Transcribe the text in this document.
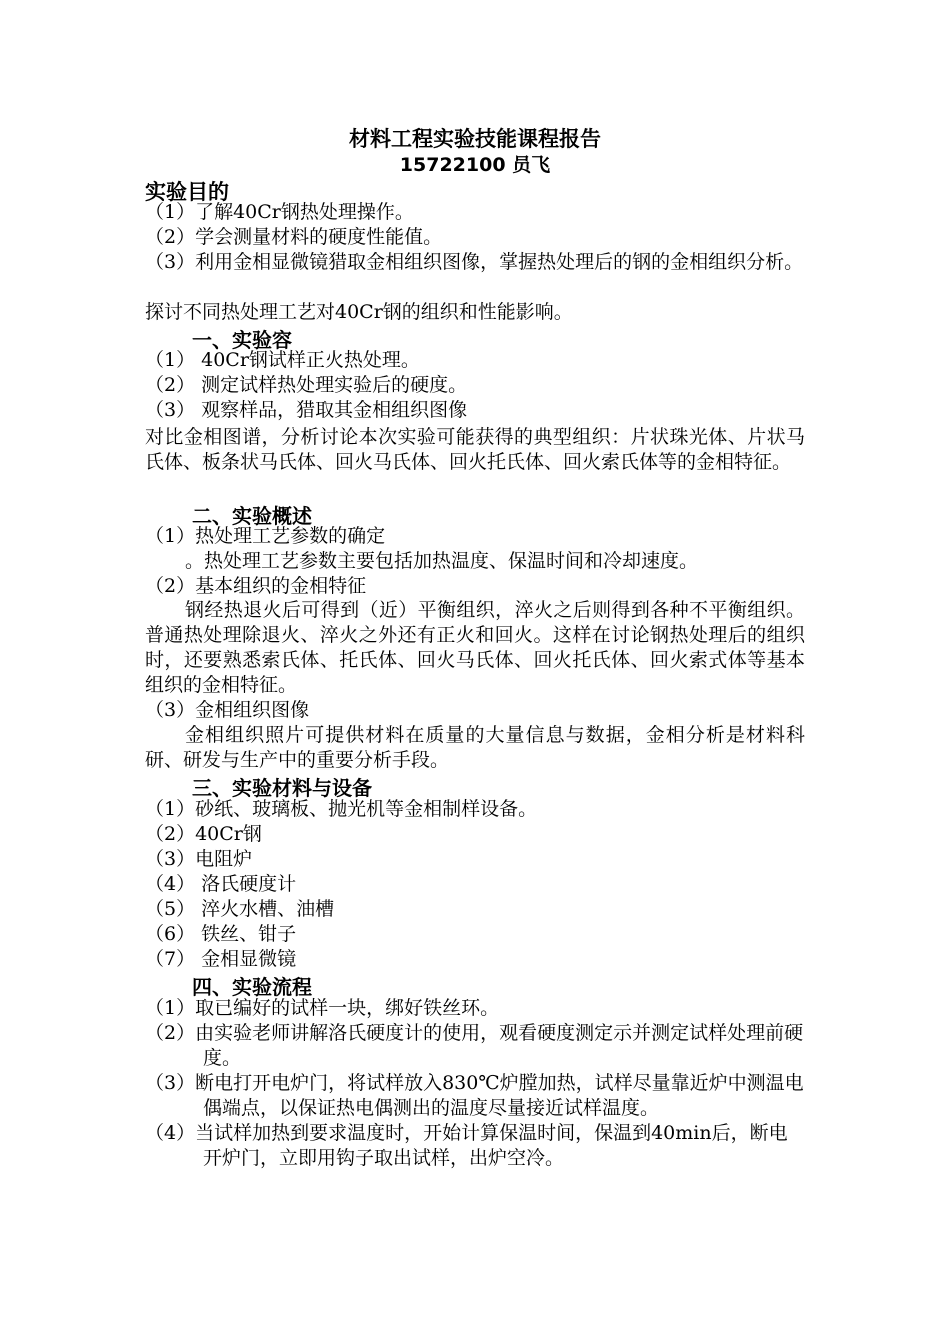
材料工程实验技能课程报告
15722100 员飞
实验目的
（1）了解40Cr钢热处理操作。
（2）学会测量材料的硬度性能值。
（3）利用金相显微镜猎取金相组织图像，掌握热处理后的钢的金相组织分析。
探讨不同热处理工艺对40Cr钢的组织和性能影响。
一、实验容
（1） 40Cr钢试样正火热处理。
（2） 测定试样热处理实验后的硬度。
（3） 观察样品，猎取其金相组织图像
对比金相图谱，分析讨论本次实验可能获得的典型组织：片状珠光体、片状马氏体、板条状马氏体、回火马氏体、回火托氏体、回火索氏体等的金相特征。
二、实验概述
（1）热处理工艺参数的确定
。热处理工艺参数主要包括加热温度、保温时间和冷却速度。
（2）基本组织的金相特征
钢经热退火后可得到（近）平衡组织，淬火之后则得到各种不平衡组织。普通热处理除退火、淬火之外还有正火和回火。这样在讨论钢热处理后的组织时，还要熟悉索氏体、托氏体、回火马氏体、回火托氏体、回火索式体等基本组织的金相特征。
（3）金相组织图像
金相组织照片可提供材料在质量的大量信息与数据，金相分析是材料科研、研发与生产中的重要分析手段。
三、实验材料与设备
（1）砂纸、玻璃板、抛光机等金相制样设备。
（2）40Cr钢
（3）电阻炉
（4） 洛氏硬度计
（5） 淬火水槽、油槽
（6） 铁丝、钳子
（7） 金相显微镜
四、实验流程
（1）取已编好的试样一块，绑好铁丝环。
（2）由实验老师讲解洛氏硬度计的使用，观看硬度测定示并测定试样处理前硬度。
（3）断电打开电炉门，将试样放入830℃炉膛加热，试样尽量靠近炉中测温电偶端点，以保证热电偶测出的温度尽量接近试样温度。
（4）当试样加热到要求温度时，开始计算保温时间，保温到40min后，断电开炉门，立即用钩子取出试样，出炉空冷。
